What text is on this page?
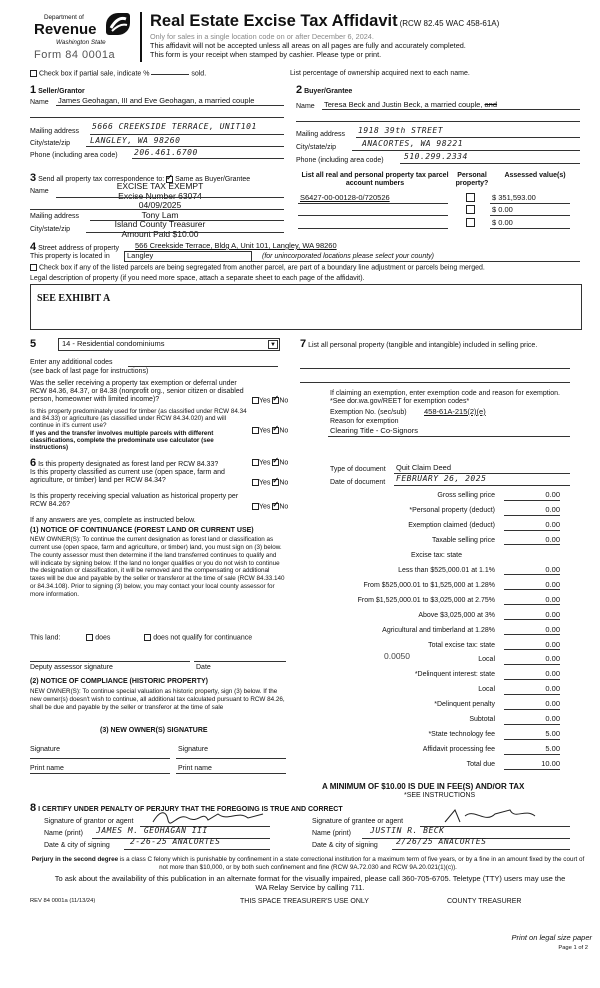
Department of
Revenue
Washington State
Form 84 0001a
Real Estate Excise Tax Affidavit (RCW 82.45 WAC 458-61A)
Only for sales in a single location code on or after December 6, 2024.
This affidavit will not be accepted unless all areas on all pages are fully and accurately completed.
This form is your receipt when stamped by cashier. Please type or print.
Check box if partial sale, indicate %	sold.	List percentage of ownership acquired next to each name.
1 Seller/Grantor
Name James Geohagan, III and Eve Geohagan, a married couple
Mailing address
5666 CREEKSIDE TERRACE, UNIT101
City/state/zip LANGLEY, WA 98260
Phone (including area code) 206.461.6700
2 Buyer/Grantee
Name Teresa Beck and Justin Beck, a married couple, and
Mailing address 1918 39th STREET
City/state/zip	ANACORTES, WA 98221
Phone (including area code)	510.299.2334
3 Send all property tax correspondence to: ✓ Same as Buyer/Grantee
Name
EXCISE TAX EXEMPT
Excise Number 63074
04/09/2025
Tony Lam
Island County Treasurer
Amount Paid $10.00
Mailing address
City/state/zip
List all real and personal property tax parcel account numbers
Personal property?
Assessed value(s)
S6427-00-00128-0/720526	$ 351,593.00
$ 0.00
$ 0.00
4 Street address of property 566 Creekside Terrace, Bldg A, Unit 101, Langley, WA 98260
This property is located in	Langley	(for unincorporated locations please select your county)
Check box if any of the listed parcels are being segregated from another parcel, are part of a boundary line adjustment or parcels being merged.
Legal description of property (if you need more space, attach a separate sheet to each page of the affidavit).
SEE EXHIBIT A
5	14 - Residential condominiums	▼
Enter any additional codes
(see back of last page for instructions)
Was the seller receiving a property tax exemption or deferral under RCW 84.36, 84.37, or 84.38 (nonprofit org., senior citizen or disabled person, homeowner with limited income)?	Yes ✓ No
Is this property predominately used for timber (as classified under RCW 84.34 and 84.33) or agriculture (as classified under RCW 84.34.020) and will continue in it's current use?
If yes and the transfer involves multiple parcels with different classifications, complete the predominate use calculator (see instructions)
Yes ✓ No
6 Is this property designated as forest land per RCW 84.33?	Yes ✓ No
Is this property classified as current use (open space, farm and agriculture, or timber) land per RCW 84.34?	Yes ✓ No
Is this property receiving special valuation as historical property per RCW 84.26?	Yes ✓ No
If any answers are yes, complete as instructed below.
(1) NOTICE OF CONTINUANCE (FOREST LAND OR CURRENT USE)
NEW OWNER(S): To continue the current designation as forest land or classification as current use (open space, farm and agriculture, or timber) land, you must sign on (3) below. The county assessor must then determine if the land transferred continues to qualify and will indicate by signing below. If the land no longer qualifies or you do not wish to continue the designation or classification, it will be removed and the compensating or additional taxes will be due and payable by the seller or transferor at the time of sale (RCW 84.33.140 or 84.34.108). Prior to signing (3) below, you may contact your local county assessor for more information.
This land:	does	does not qualify for continuance
Deputy assessor signature	Date
(2) NOTICE OF COMPLIANCE (HISTORIC PROPERTY)
NEW OWNER(S): To continue special valuation as historic property, sign (3) below. If the new owner(s) doesn't wish to continue, all additional tax calculated pursuant to RCW 84.26, shall be due and payable by the seller or transferor at the time of sale
(3) NEW OWNER(S) SIGNATURE
Signature	Signature
Print name	Print name
7 List all personal property (tangible and intangible) included in selling price.
If claiming an exemption, enter exemption code and reason for exemption. *See dor.wa.gov/REET for exemption codes*
Exemption No. (sec/sub) 458-61A-215(2)(e)
Reason for exemption
Clearing Title - Co-Signors
Type of document Quit Claim Deed
Date of document FEBRUARY 26, 2025
Gross selling price	0.00
*Personal property (deduct)	0.00
Exemption claimed (deduct)	0.00
Taxable selling price	0.00
Excise tax: state
Less than $525,000.01 at 1.1%	0.00
From $525,000.01 to $1,525,000 at 1.28%	0.00
From $1,525,000.01 to $3,025,000 at 2.75%	0.00
Above $3,025,000 at 3%	0.00
Agricultural and timberland at 1.28%	0.00
Total excise tax: state	0.00
Local	0.00
*Delinquent interest: state	0.00
Local	0.00
*Delinquent penalty	0.00
Subtotal	0.00
*State technology fee	5.00
Affidavit processing fee	5.00
Total due	10.00
0.0050
A MINIMUM OF $10.00 IS DUE IN FEE(S) AND/OR TAX
*SEE INSTRUCTIONS
8 I CERTIFY UNDER PENALTY OF PERJURY THAT THE FOREGOING IS TRUE AND CORRECT
Signature of grantor or agent
Name (print) JAMES M. GEOHAGAN III
Date & city of signing	2-26-25 ANACORTES
Signature of grantee or agent
Name (print) JUSTIN R. BECK
Date & city of signing 2/26/25 ANACORTES
Perjury in the second degree is a class C felony which is punishable by confinement in a state correctional institution for a maximum term of five years, or by a fine in an amount fixed by the court of not more than $10,000, or by both such confinement and fine (RCW 9A.72.030 and RCW 9A.20.021(1)(c)).
To ask about the availability of this publication in an alternate format for the visually impaired, please call 360-705-6705. Teletype (TTY) users may use the WA Relay Service by calling 711.
REV 84 0001a (11/13/24)	THIS SPACE TREASURER'S USE ONLY	COUNTY TREASURER
Print on legal size paper
Page 1 of 2
